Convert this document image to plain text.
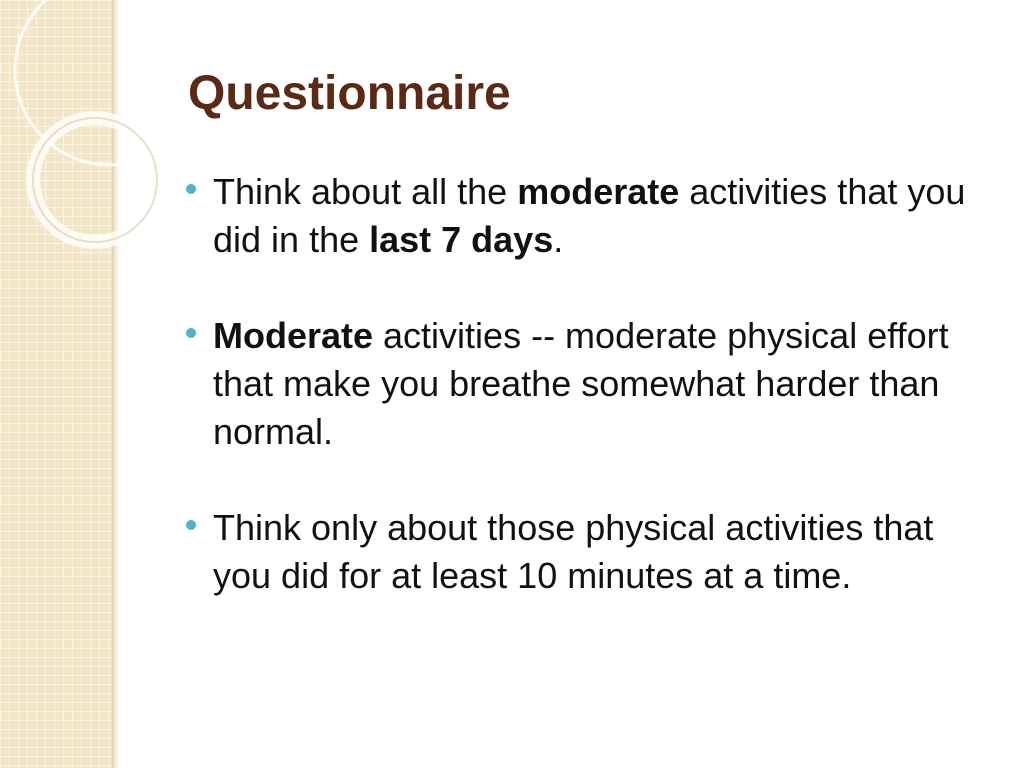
Questionnaire
Think about all the moderate activities that you did in the last 7 days.
Moderate activities -- moderate physical effort that make you breathe somewhat harder than normal.
Think only about those physical activities that you did for at least 10 minutes at a time.
